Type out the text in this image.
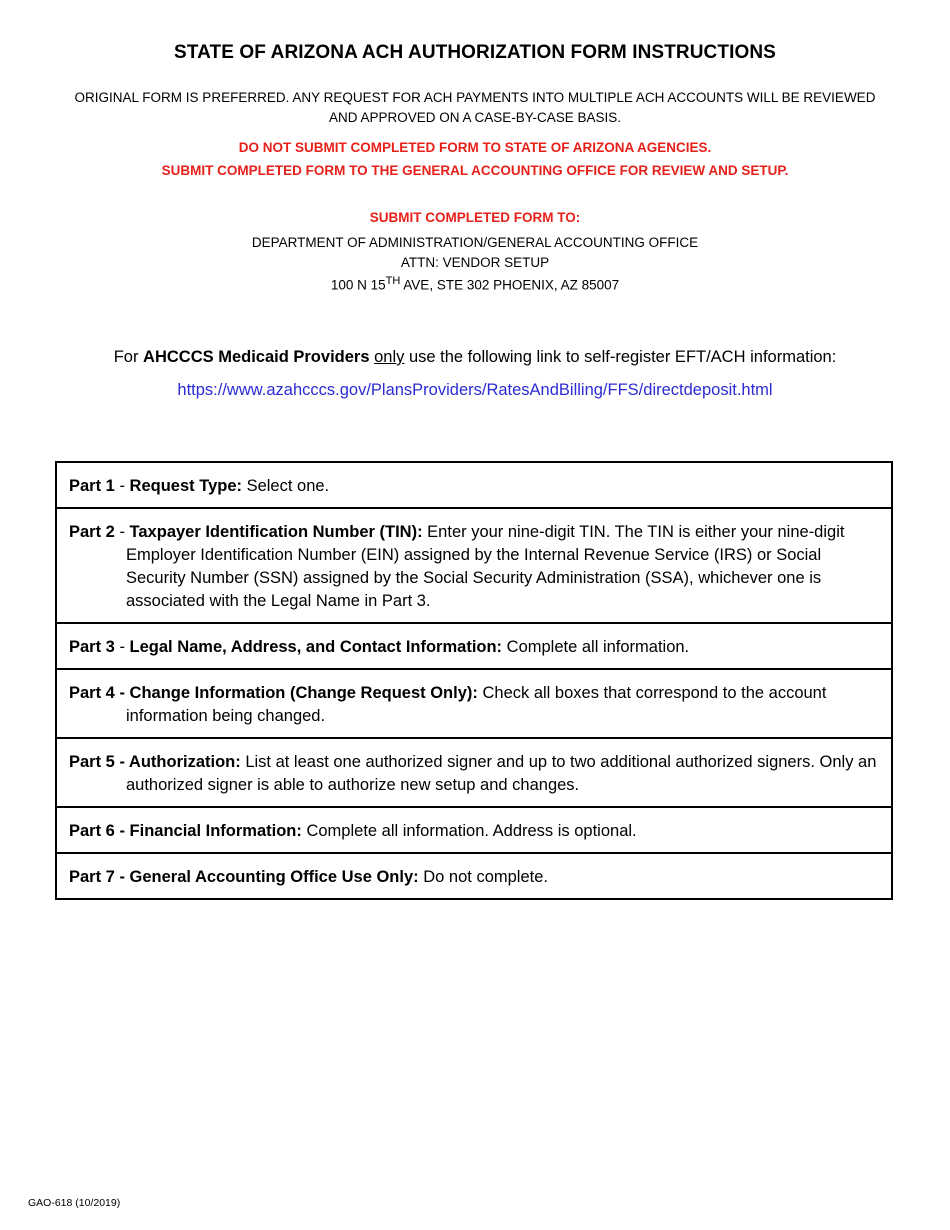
STATE OF ARIZONA ACH AUTHORIZATION FORM INSTRUCTIONS
ORIGINAL FORM IS PREFERRED. ANY REQUEST FOR ACH PAYMENTS INTO MULTIPLE ACH ACCOUNTS WILL BE REVIEWED AND APPROVED ON A CASE-BY-CASE BASIS.
DO NOT SUBMIT COMPLETED FORM TO STATE OF ARIZONA AGENCIES.
SUBMIT COMPLETED FORM TO THE GENERAL ACCOUNTING OFFICE FOR REVIEW AND SETUP.
SUBMIT COMPLETED FORM TO:
DEPARTMENT OF ADMINISTRATION/GENERAL ACCOUNTING OFFICE
ATTN: VENDOR SETUP
100 N 15TH AVE, STE 302 PHOENIX, AZ 85007
For AHCCCS Medicaid Providers only use the following link to self-register EFT/ACH information:
https://www.azahcccs.gov/PlansProviders/RatesAndBilling/FFS/directdeposit.html
Part 1 - Request Type: Select one.
Part 2 - Taxpayer Identification Number (TIN): Enter your nine-digit TIN. The TIN is either your nine-digit Employer Identification Number (EIN) assigned by the Internal Revenue Service (IRS) or Social Security Number (SSN) assigned by the Social Security Administration (SSA), whichever one is associated with the Legal Name in Part 3.
Part 3 - Legal Name, Address, and Contact Information: Complete all information.
Part 4 - Change Information (Change Request Only): Check all boxes that correspond to the account information being changed.
Part 5 - Authorization: List at least one authorized signer and up to two additional authorized signers. Only an authorized signer is able to authorize new setup and changes.
Part 6 - Financial Information: Complete all information. Address is optional.
Part 7 - General Accounting Office Use Only: Do not complete.
GAO-618 (10/2019)
